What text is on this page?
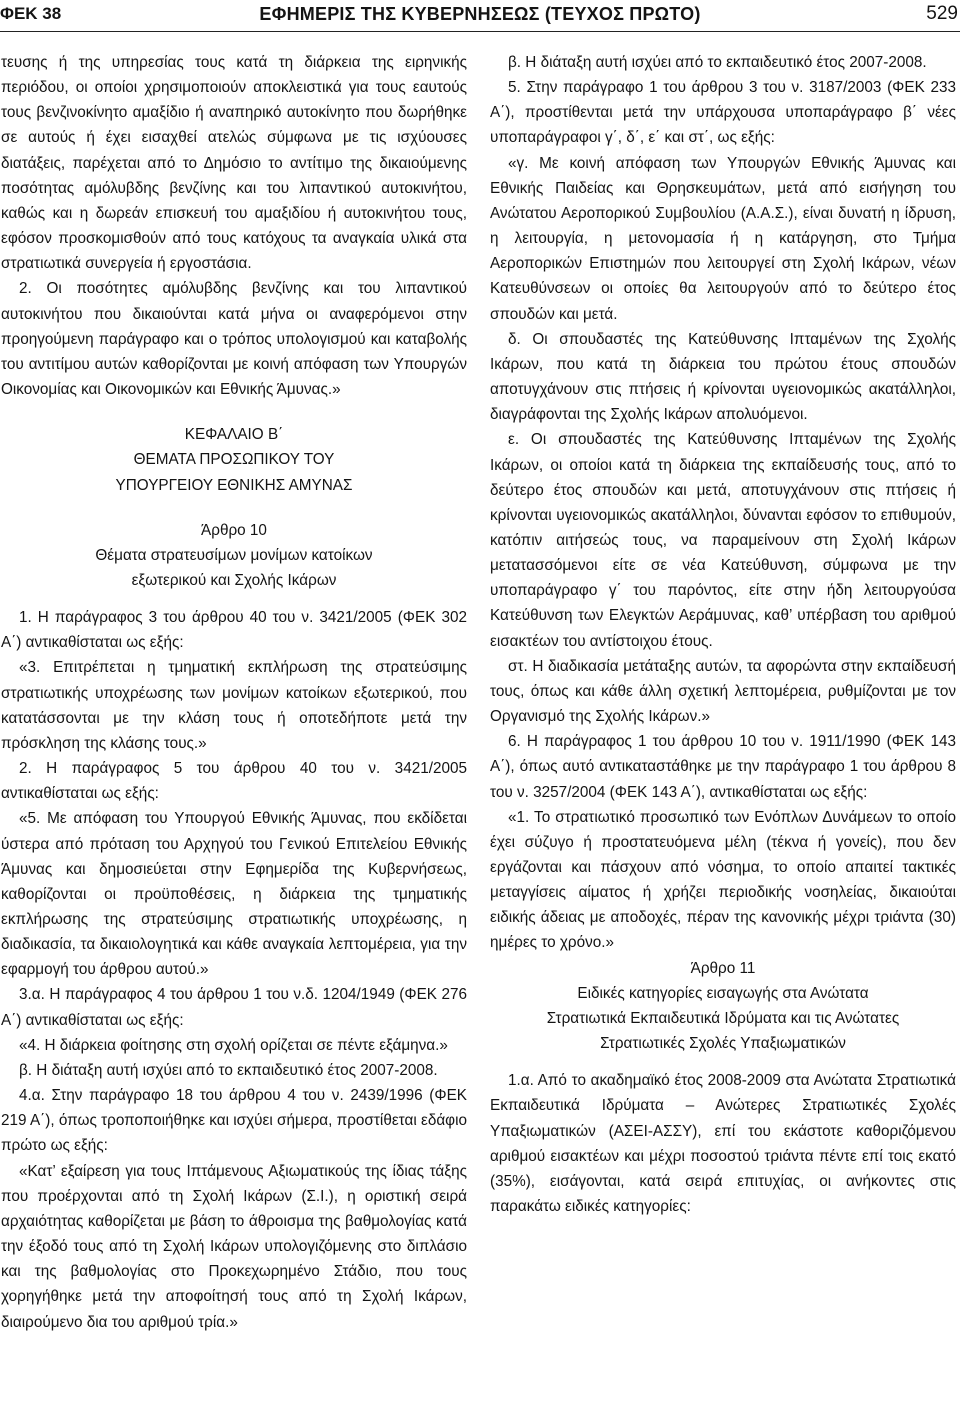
ΦΕΚ 38	ΕΦΗΜΕΡΙΣ ΤΗΣ ΚΥΒΕΡΝΗΣΕΩΣ (ΤΕΥΧΟΣ ΠΡΩΤΟ)	529

τευσης ή της υπηρεσίας τους κατά τη διάρκεια της ειρηνικής περιόδου, οι οποίοι χρησιμοποιούν αποκλειστικά για τους εαυτούς τους βενζινοκίνητο αμαξίδιο ή αναπηρικό αυτοκίνητο που δωρήθηκε σε αυτούς ή έχει εισαχθεί ατελώς σύμφωνα με τις ισχύουσες διατάξεις, παρέχεται από το Δημόσιο το αντίτιμο της δικαιούμενης ποσότητας αμόλυβδης βενζίνης και του λιπαντικού αυτοκινήτου, καθώς και η δωρεάν επισκευή του αμαξιδίου ή αυτοκινήτου τους, εφόσον προσκομισθούν από τους κατόχους τα αναγκαία υλικά στα στρατιωτικά συνεργεία ή εργοστάσια.

2. Οι ποσότητες αμόλυβδης βενζίνης και του λιπαντικού αυτοκινήτου που δικαιούνται κατά μήνα οι αναφερόμενοι στην προηγούμενη παράγραφο και ο τρόπος υπολογισμού και καταβολής του αντιτίμου αυτών καθορίζονται με κοινή απόφαση των Υπουργών Οικονομίας και Οικονομικών και Εθνικής Άμυνας.»

ΚΕΦΑΛΑΙΟ Β΄

ΘΕΜΑΤΑ ΠΡΟΣΩΠΙΚΟΥ ΤΟΥ

ΥΠΟΥΡΓΕΙΟΥ ΕΘΝΙΚΗΣ ΑΜΥΝΑΣ

Άρθρο 10

Θέματα στρατευσίμων μονίμων κατοίκων

εξωτερικού και Σχολής Ικάρων

1. Η παράγραφος 3 του άρθρου 40 του ν. 3421/2005 (ΦΕΚ 302 Α΄) αντικαθίσταται ως εξής:

«3. Επιτρέπεται η τμηματική εκπλήρωση της στρατεύσιμης στρατιωτικής υποχρέωσης των μονίμων κατοίκων εξωτερικού, που κατατάσσονται με την κλάση τους ή οποτεδήποτε μετά την πρόσκληση της κλάσης τους.»

2. Η παράγραφος 5 του άρθρου 40 του ν. 3421/2005 αντικαθίσταται ως εξής:

«5. Με απόφαση του Υπουργού Εθνικής Άμυνας, που εκδίδεται ύστερα από πρόταση του Αρχηγού του Γενικού Επιτελείου Εθνικής Άμυνας και δημοσιεύεται στην Εφημερίδα της Κυβερνήσεως, καθορίζονται οι προϋποθέσεις, η διάρκεια της τμηματικής εκπλήρωσης της στρατεύσιμης στρατιωτικής υποχρέωσης, η διαδικασία, τα δικαιολογητικά και κάθε αναγκαία λεπτομέρεια, για την εφαρμογή του άρθρου αυτού.»

3.α. Η παράγραφος 4 του άρθρου 1 του ν.δ. 1204/1949 (ΦΕΚ 276 Α΄) αντικαθίσταται ως εξής:

«4. Η διάρκεια φοίτησης στη σχολή ορίζεται σε πέντε εξάμηνα.»

β. Η διάταξη αυτή ισχύει από το εκπαιδευτικό έτος 2007-2008.

4.α. Στην παράγραφο 18 του άρθρου 4 του ν. 2439/1996 (ΦΕΚ 219 Α΄), όπως τροποποιήθηκε και ισχύει σήμερα, προστίθεται εδάφιο πρώτο ως εξής:

«Κατ’ εξαίρεση για τους Ιπτάμενους Αξιωματικούς της ίδιας τάξης που προέρχονται από τη Σχολή Ικάρων (Σ.Ι.), η οριστική σειρά αρχαιότητας καθορίζεται με βάση το άθροισμα της βαθμολογίας κατά την έξοδό τους από τη Σχολή Ικάρων υπολογιζόμενης στο διπλάσιο και της βαθμολογίας στο Προκεχωρημένο Στάδιο, που τους χορηγήθηκε μετά την αποφοίτησή τους από τη Σχολή Ικάρων, διαιρούμενο δια του αριθμού τρία.»

β. Η διάταξη αυτή ισχύει από το εκπαιδευτικό έτος 2007-2008.

5. Στην παράγραφο 1 του άρθρου 3 του ν. 3187/2003 (ΦΕΚ 233 Α΄), προστίθενται μετά την υπάρχουσα υποπαράγραφο β΄ νέες υποπαράγραφοι γ΄, δ΄, ε΄ και στ΄, ως εξής:

«γ. Με κοινή απόφαση των Υπουργών Εθνικής Άμυνας και Εθνικής Παιδείας και Θρησκευμάτων, μετά από εισήγηση του Ανώτατου Αεροπορικού Συμβουλίου (Α.Α.Σ.), είναι δυνατή η ίδρυση, η λειτουργία, η μετονομασία ή η κατάργηση, στο Τμήμα Αεροπορικών Επιστημών που λειτουργεί στη Σχολή Ικάρων, νέων Κατευθύνσεων οι οποίες θα λειτουργούν από το δεύτερο έτος σπουδών και μετά.

δ. Οι σπουδαστές της Κατεύθυνσης Ιπταμένων της Σχολής Ικάρων, που κατά τη διάρκεια του πρώτου έτους σπουδών αποτυγχάνουν στις πτήσεις ή κρίνονται υγειονομικώς ακατάλληλοι, διαγράφονται της Σχολής Ικάρων απολυόμενοι.

ε. Οι σπουδαστές της Κατεύθυνσης Ιπταμένων της Σχολής Ικάρων, οι οποίοι κατά τη διάρκεια της εκπαίδευσής τους, από το δεύτερο έτος σπουδών και μετά, αποτυγχάνουν στις πτήσεις ή κρίνονται υγειονομικώς ακατάλληλοι, δύνανται εφόσον το επιθυμούν, κατόπιν αιτήσεώς τους, να παραμείνουν στη Σχολή Ικάρων μετατασσόμενοι είτε σε νέα Κατεύθυνση, σύμφωνα με την υποπαράγραφο γ΄ του παρόντος, είτε στην ήδη λειτουργούσα Κατεύθυνση των Ελεγκτών Αεράμυνας, καθ’ υπέρβαση του αριθμού εισακτέων του αντίστοιχου έτους.

στ. Η διαδικασία μετάταξης αυτών, τα αφορώντα στην εκπαίδευσή τους, όπως και κάθε άλλη σχετική λεπτομέρεια, ρυθμίζονται με τον Οργανισμό της Σχολής Ικάρων.»

6. Η παράγραφος 1 του άρθρου 10 του ν. 1911/1990 (ΦΕΚ 143 Α΄), όπως αυτό αντικαταστάθηκε με την παράγραφο 1 του άρθρου 8 του ν. 3257/2004 (ΦΕΚ 143 Α΄), αντικαθίσταται ως εξής:

«1. Το στρατιωτικό προσωπικό των Ενόπλων Δυνάμεων το οποίο έχει σύζυγο ή προστατευόμενα μέλη (τέκνα ή γονείς), που δεν εργάζονται και πάσχουν από νόσημα, το οποίο απαιτεί τακτικές μεταγγίσεις αίματος ή χρήζει περιοδικής νοσηλείας, δικαιούται ειδικής άδειας με αποδοχές, πέραν της κανονικής μέχρι τριάντα (30) ημέρες το χρόνο.»

Άρθρο 11

Ειδικές κατηγορίες εισαγωγής στα Ανώτατα

Στρατιωτικά Εκπαιδευτικά Ιδρύματα και τις Ανώτατες

Στρατιωτικές Σχολές Υπαξιωματικών

1.α. Από το ακαδημαϊκό έτος 2008-2009 στα Ανώτατα Στρατιωτικά Εκπαιδευτικά Ιδρύματα – Ανώτερες Στρατιωτικές Σχολές Υπαξιωματικών (ΑΣΕΙ-ΑΣΣΥ), επί του εκάστοτε καθοριζόμενου αριθμού εισακτέων και μέχρι ποσοστού τριάντα πέντε επί τοις εκατό (35%), εισάγονται, κατά σειρά επιτυχίας, οι ανήκοντες στις παρακάτω ειδικές κατηγορίες:
